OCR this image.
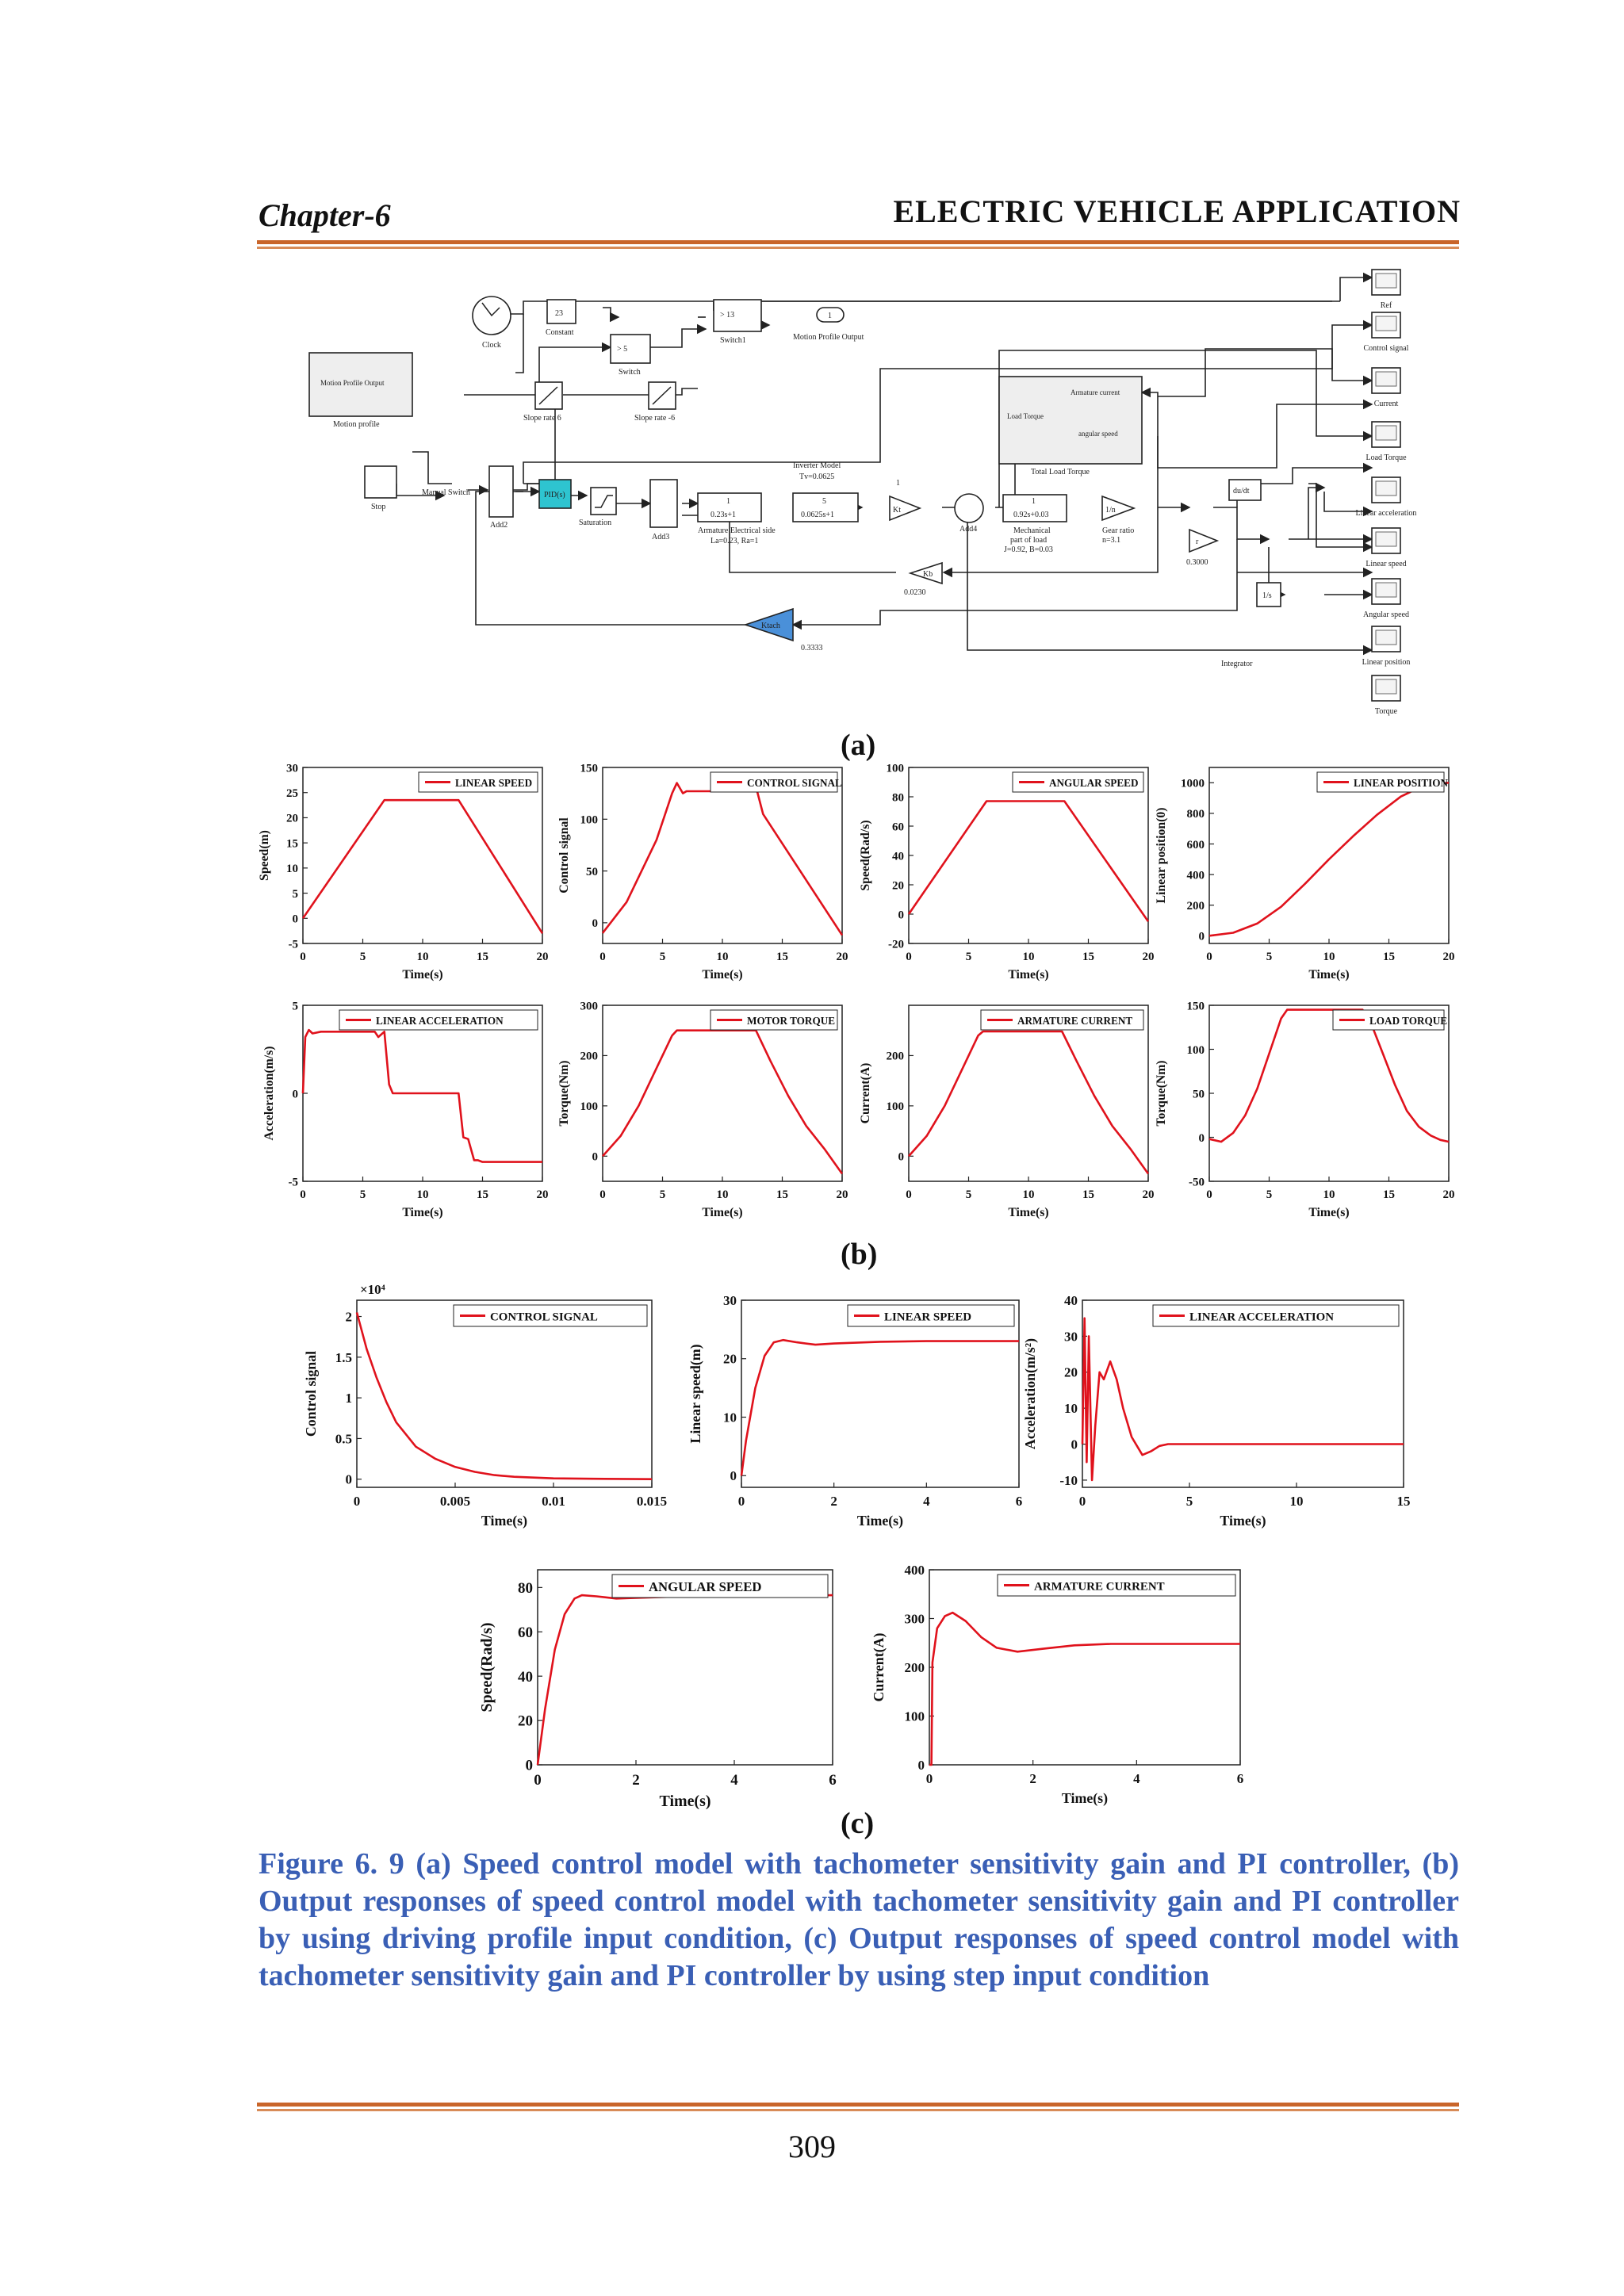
Chapter-6	ELECTRIC VEHICLE APPLICATION
Clock
23
Constant
> 5
Switch
> 13
Switch1
1
Motion Profile Output
Motion Profile Output
Motion profile
Slope rate 6	Slope rate -6
Stop
Manual Switch
Add2
PID(s)
Saturation
Add3
1
0.23s+1
Armature Electrical side
La=0.23, Ra=1
Inverter Model
Tv=0.0625
5
0.0625s+1
Kt
1
Add4
1
0.92s+0.03
Mechanical
part of load
J=0.92, B=0.03
1/n
Gear ratio
n=3.1
Armature current
Load Torque
angular speed
Total Load Torque
r
0.3000
du/dt
Kb
0.0230
Ktach
0.3333
1/s
Integrator
Ref
Control signal
Current
Load Torque
Linear acceleration
Linear speed
Angular speed
Linear position
Torque
(a)
0	5	10	15	20
-5
0
5
10
15
20
25
30
LINEAR SPEED
Time(s)
Speed(m)
0	5	10	15	20
0
50
100
150
CONTROL SIGNAL
Time(s)
Control signal
0	5	10	15	20
-20
0
20
40
60
80
100
ANGULAR SPEED
Time(s)
Speed(Rad/s)
0	5	10	15	20
0
200
400
600
800
1000	LINEAR POSITION
Time(s)
Linear position(0)
0	5	10	15	20
-5
0
5
LINEAR ACCELERATION
Time(s)
Acceleration(m/s)
0	5	10	15	20
0
100
200
300
MOTOR TORQUE
Time(s)
Torque(Nm)
0	5	10	15	20
0
100
200
ARMATURE CURRENT
Time(s)
Current(A)
0	5	10	15	20
-50
0
50
100
150
LOAD TORQUE
Time(s)
Torque(Nm)
(b)
0	0.005	0.01	0.015
0
0.5
1
1.5
2	CONTROL SIGNAL
Time(s)
Control signal
×10⁴
0	2	4	6
0
10
20
30
LINEAR SPEED
Time(s)
Linear speed(m)
0	5	10	15
-10
0
10
20
30
40
LINEAR ACCELERATION
Time(s)
Acceleration(m/s²)
0	2	4	6
0
20
40
60
80	ANGULAR SPEED
Time(s)
Speed(Rad/s)
0	2	4	6
0
100
200
300
400
ARMATURE CURRENT
Time(s)
Current(A)
(c)
Figure 6. 9 (a) Speed control model with tachometer sensitivity gain and PI controller, (b) Output responses of speed control model with tachometer sensitivity gain and PI controller by using driving profile input condition, (c) Output responses of speed control model with tachometer sensitivity gain and PI controller by using step input condition
309
